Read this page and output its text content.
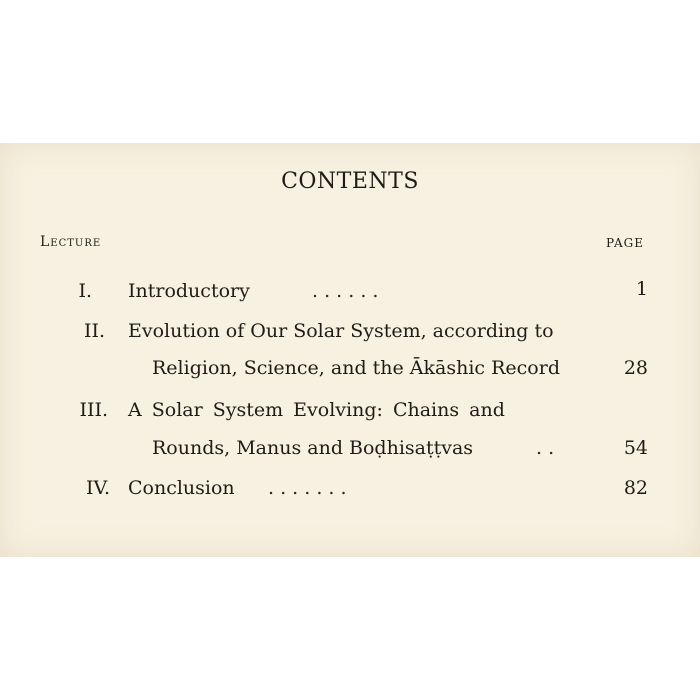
CONTENTS
Lecture	PAGE
I. Introductory	. . . . . .	1
II. Evolution of Our Solar System, according to
Religion, Science, and the Ākāshic Record	28
III. A Solar System Evolving: Chains and
Rounds, Manus and Boḍhisaṭṭvas	. .	54
IV. Conclusion . . . . . . .	82
